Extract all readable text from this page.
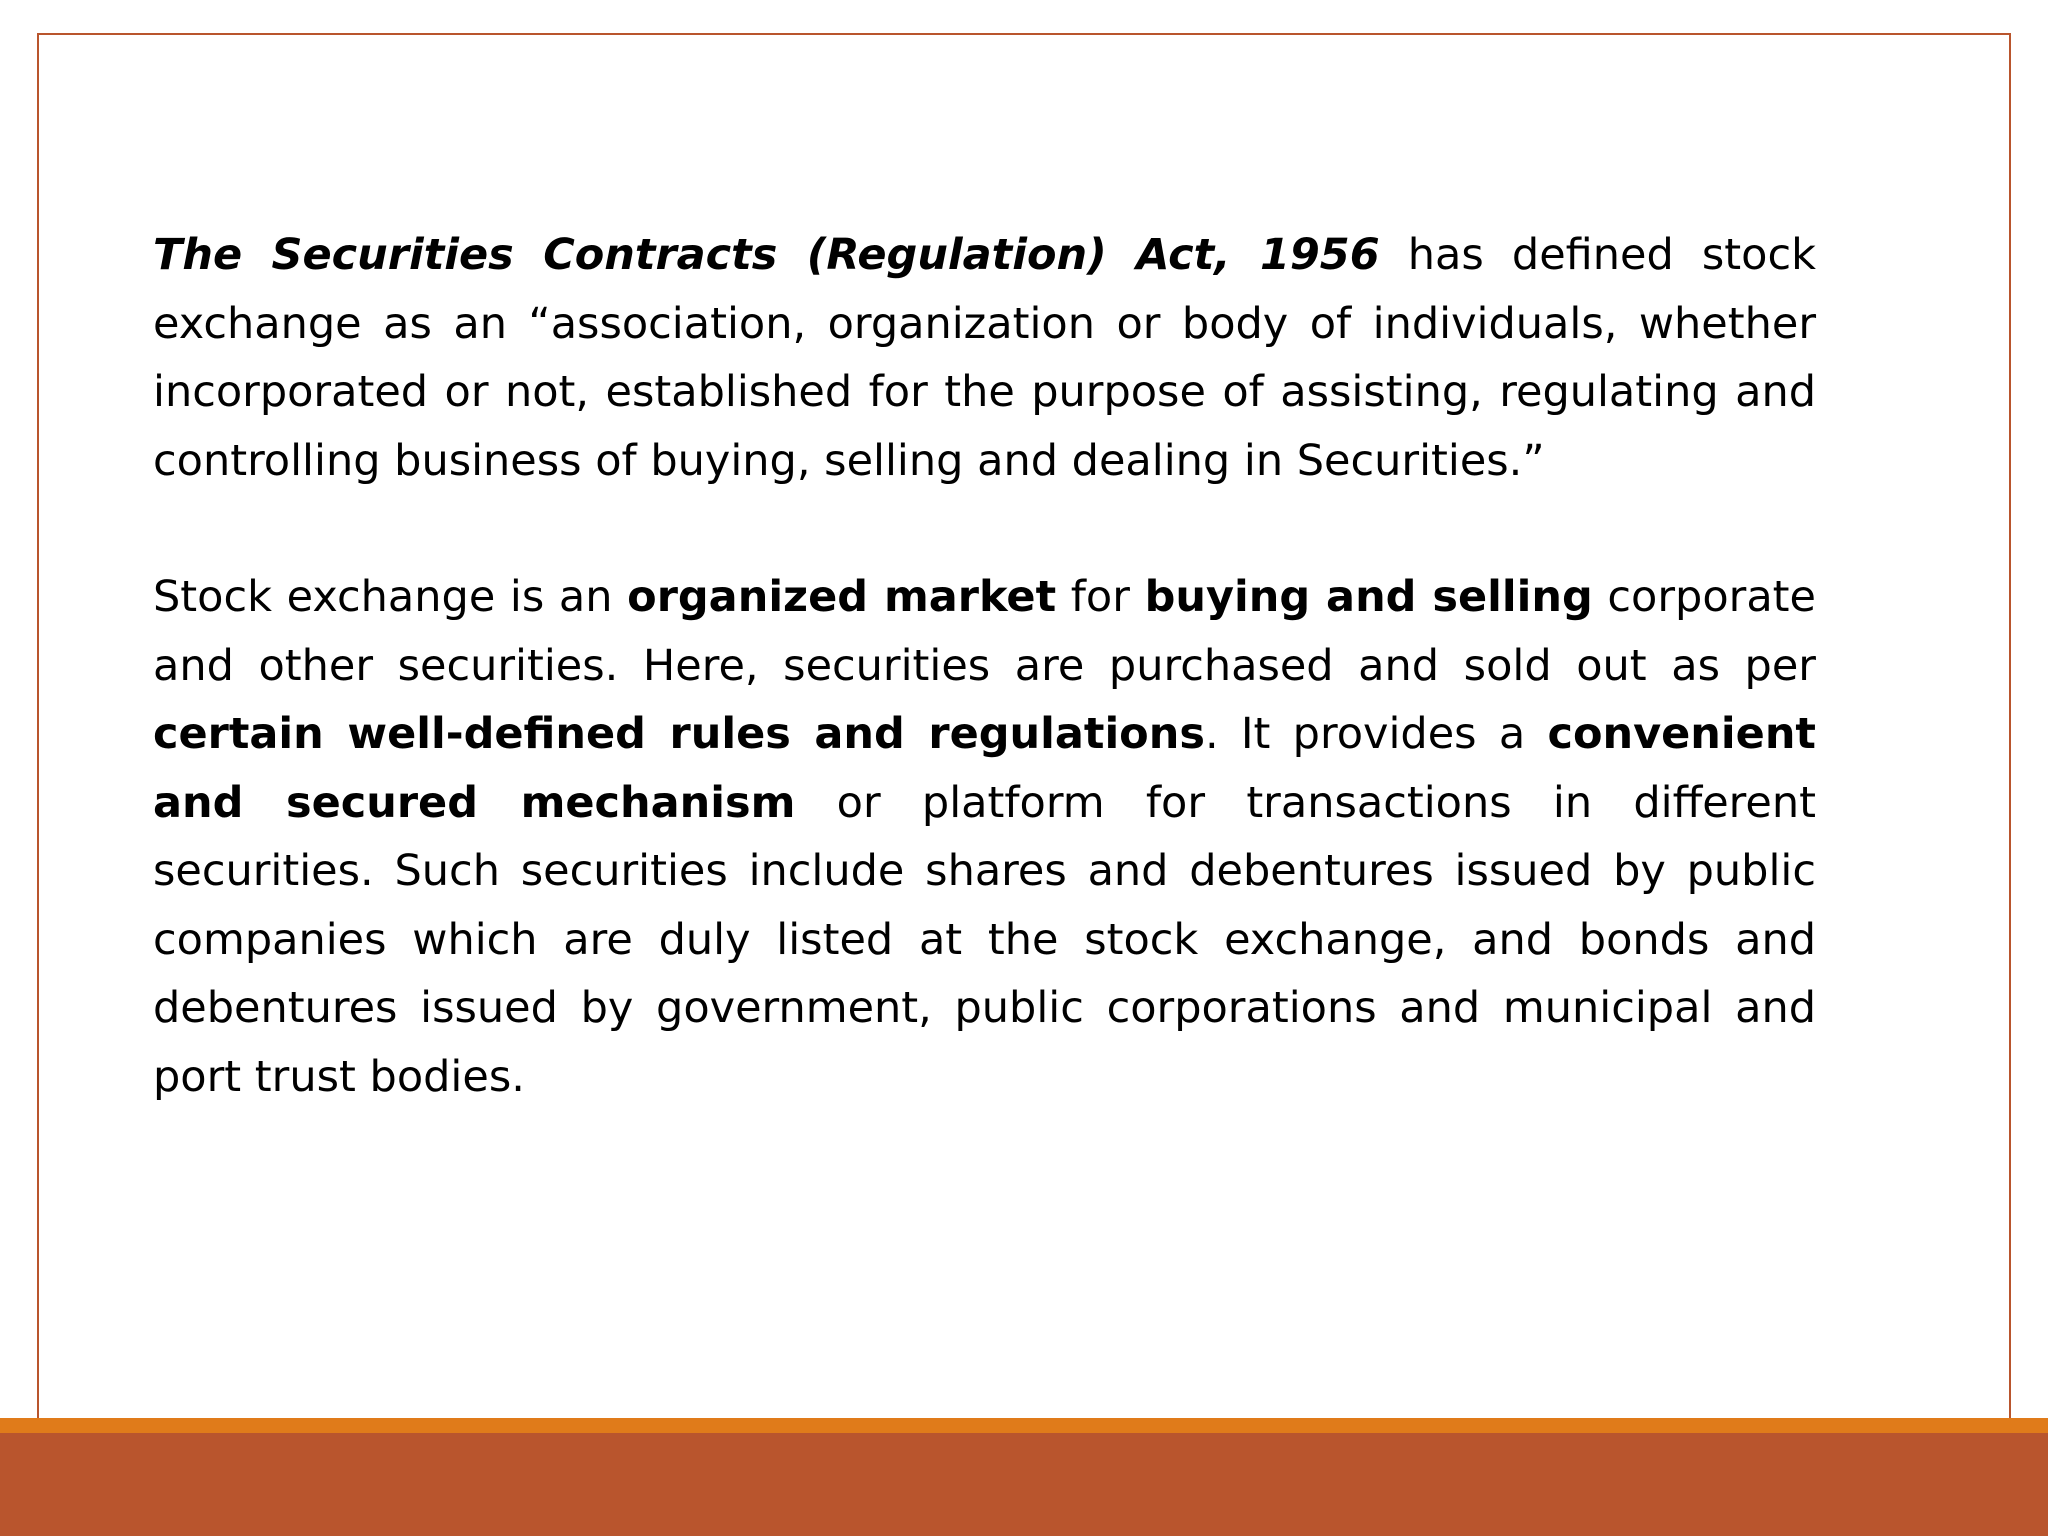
The Securities Contracts (Regulation) Act, 1956 has defined stock exchange as an “association, organization or body of individuals, whether incorporated or not, established for the purpose of assisting, regulating and controlling business of buying, selling and dealing in Securities.”

Stock exchange is an organized market for buying and selling corporate and other securities. Here, securities are purchased and sold out as per certain well-defined rules and regulations. It provides a convenient and secured mechanism or platform for transactions in different securities. Such securities include shares and debentures issued by public companies which are duly listed at the stock exchange, and bonds and debentures issued by government, public corporations and municipal and port trust bodies.
